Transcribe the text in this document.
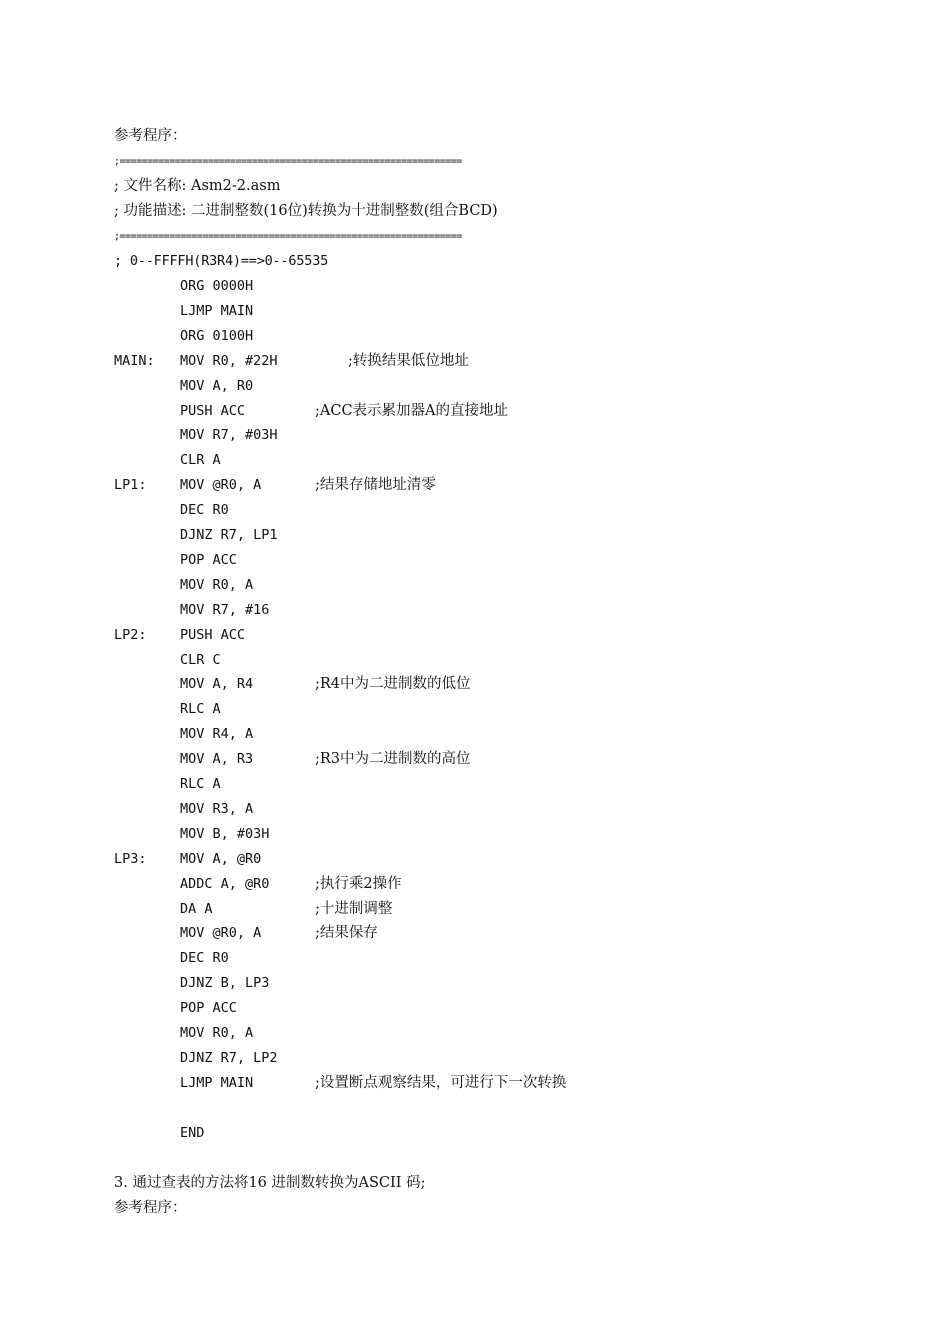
参考程序：
;==============================================================
; 文件名称: Asm2-2.asm
; 功能描述: 二进制整数(16位)转换为十进制整数(组合BCD)
;==============================================================
; 0--FFFFH(R3R4)==>0--65535
ORG 0000H
LJMP MAIN
ORG 0100H
MAIN: MOV R0, #22H	;转换结果低位地址
MOV A, R0
PUSH ACC	;ACC表示累加器A的直接地址
MOV R7, #03H
CLR A
LP1: MOV @R0, A	;结果存储地址清零
DEC R0
DJNZ R7, LP1
POP ACC
MOV R0, A
MOV R7, #16
LP2: PUSH ACC
CLR C
MOV A, R4	;R4中为二进制数的低位
RLC A
MOV R4, A
MOV A, R3	;R3中为二进制数的高位
RLC A
MOV R3, A
MOV B, #03H
LP3: MOV A, @R0
ADDC A, @R0	;执行乘2操作
DA A	;十进制调整
MOV @R0, A	;结果保存
DEC R0
DJNZ B, LP3
POP ACC
MOV R0, A
DJNZ R7, LP2
LJMP MAIN	;设置断点观察结果，可进行下一次转换
END
3. 通过查表的方法将16 进制数转换为ASCII 码;
参考程序：
